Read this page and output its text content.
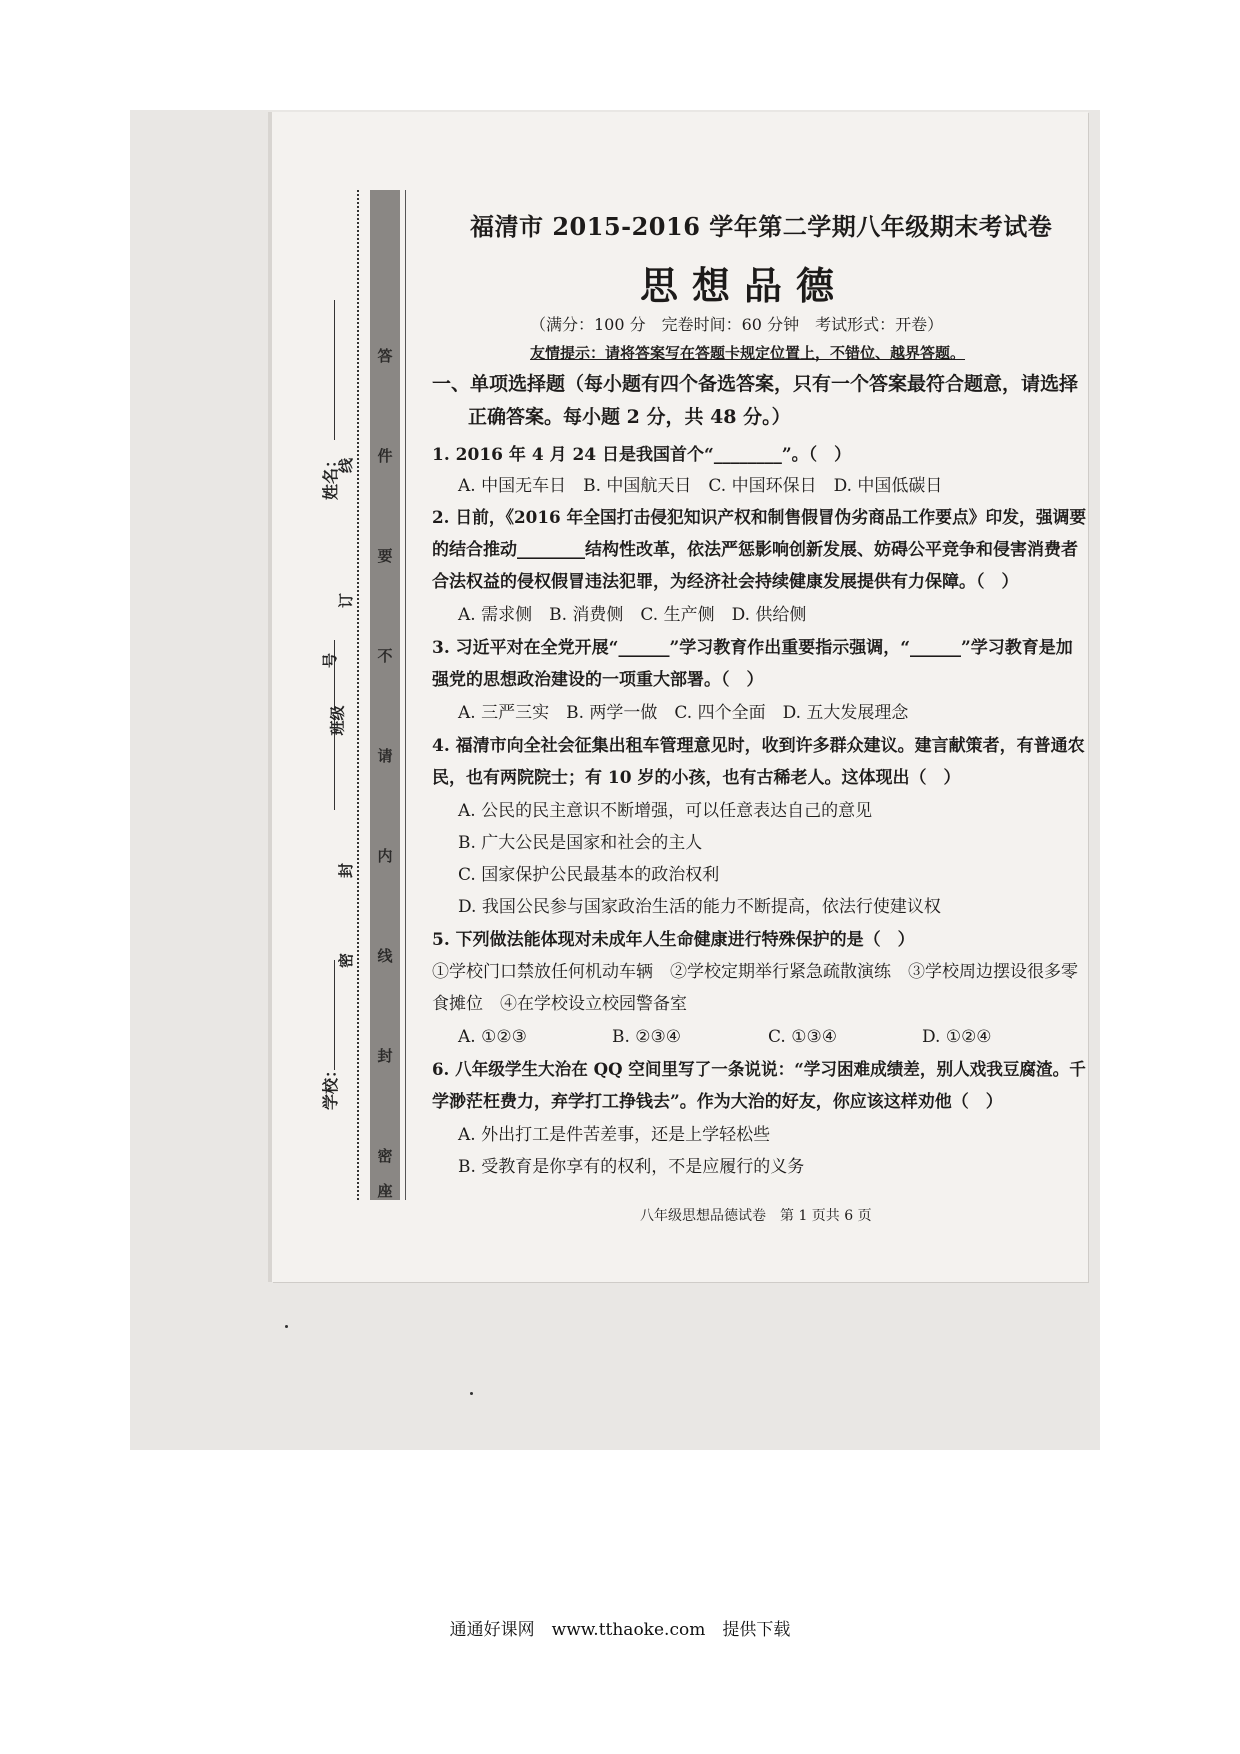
答
件
要
不
请
内
线
封
密
座
姓名：
线
订
号
班级
封
密
学校：
福清市 2015-2016 学年第二学期八年级期末考试卷
思想品德
（满分：100 分　完卷时间：60 分钟　考试形式：开卷）
友情提示：请将答案写在答题卡规定位置上，不错位、越界答题。
一、单项选择题（每小题有四个备选答案，只有一个答案最符合题意，请选择
正确答案。每小题 2 分，共 48 分。）
1. 2016 年 4 月 24 日是我国首个“________”。（　）
A. 中国无车日　B. 中国航天日　C. 中国环保日　D. 中国低碳日
2. 日前，《2016 年全国打击侵犯知识产权和制售假冒伪劣商品工作要点》印发，强调要
的结合推动________结构性改革，依法严惩影响创新发展、妨碍公平竞争和侵害消费者
合法权益的侵权假冒违法犯罪，为经济社会持续健康发展提供有力保障。（　）
A. 需求侧　B. 消费侧　C. 生产侧　D. 供给侧
3. 习近平对在全党开展“______”学习教育作出重要指示强调，“______”学习教育是加
强党的思想政治建设的一项重大部署。（　）
A. 三严三实　B. 两学一做　C. 四个全面　D. 五大发展理念
4. 福清市向全社会征集出租车管理意见时，收到许多群众建议。建言献策者，有普通农
民，也有两院院士；有 10 岁的小孩，也有古稀老人。这体现出（　）
A. 公民的民主意识不断增强，可以任意表达自己的意见
B. 广大公民是国家和社会的主人
C. 国家保护公民最基本的政治权利
D. 我国公民参与国家政治生活的能力不断提高，依法行使建议权
5. 下列做法能体现对未成年人生命健康进行特殊保护的是（　）
①学校门口禁放任何机动车辆　②学校定期举行紧急疏散演练　③学校周边摆设很多零
食摊位　④在学校设立校园警备室
A. ①②③	B. ②③④	C. ①③④	D. ①②④
6. 八年级学生大治在 QQ 空间里写了一条说说：“学习困难成绩差，别人戏我豆腐渣。千
学渺茫枉费力，弃学打工挣钱去”。作为大治的好友，你应该这样劝他（　）
A. 外出打工是件苦差事，还是上学轻松些
B. 受教育是你享有的权利，不是应履行的义务
八年级思想品德试卷　第 1 页共 6 页
通通好课网　www.tthaoke.com　提供下载
